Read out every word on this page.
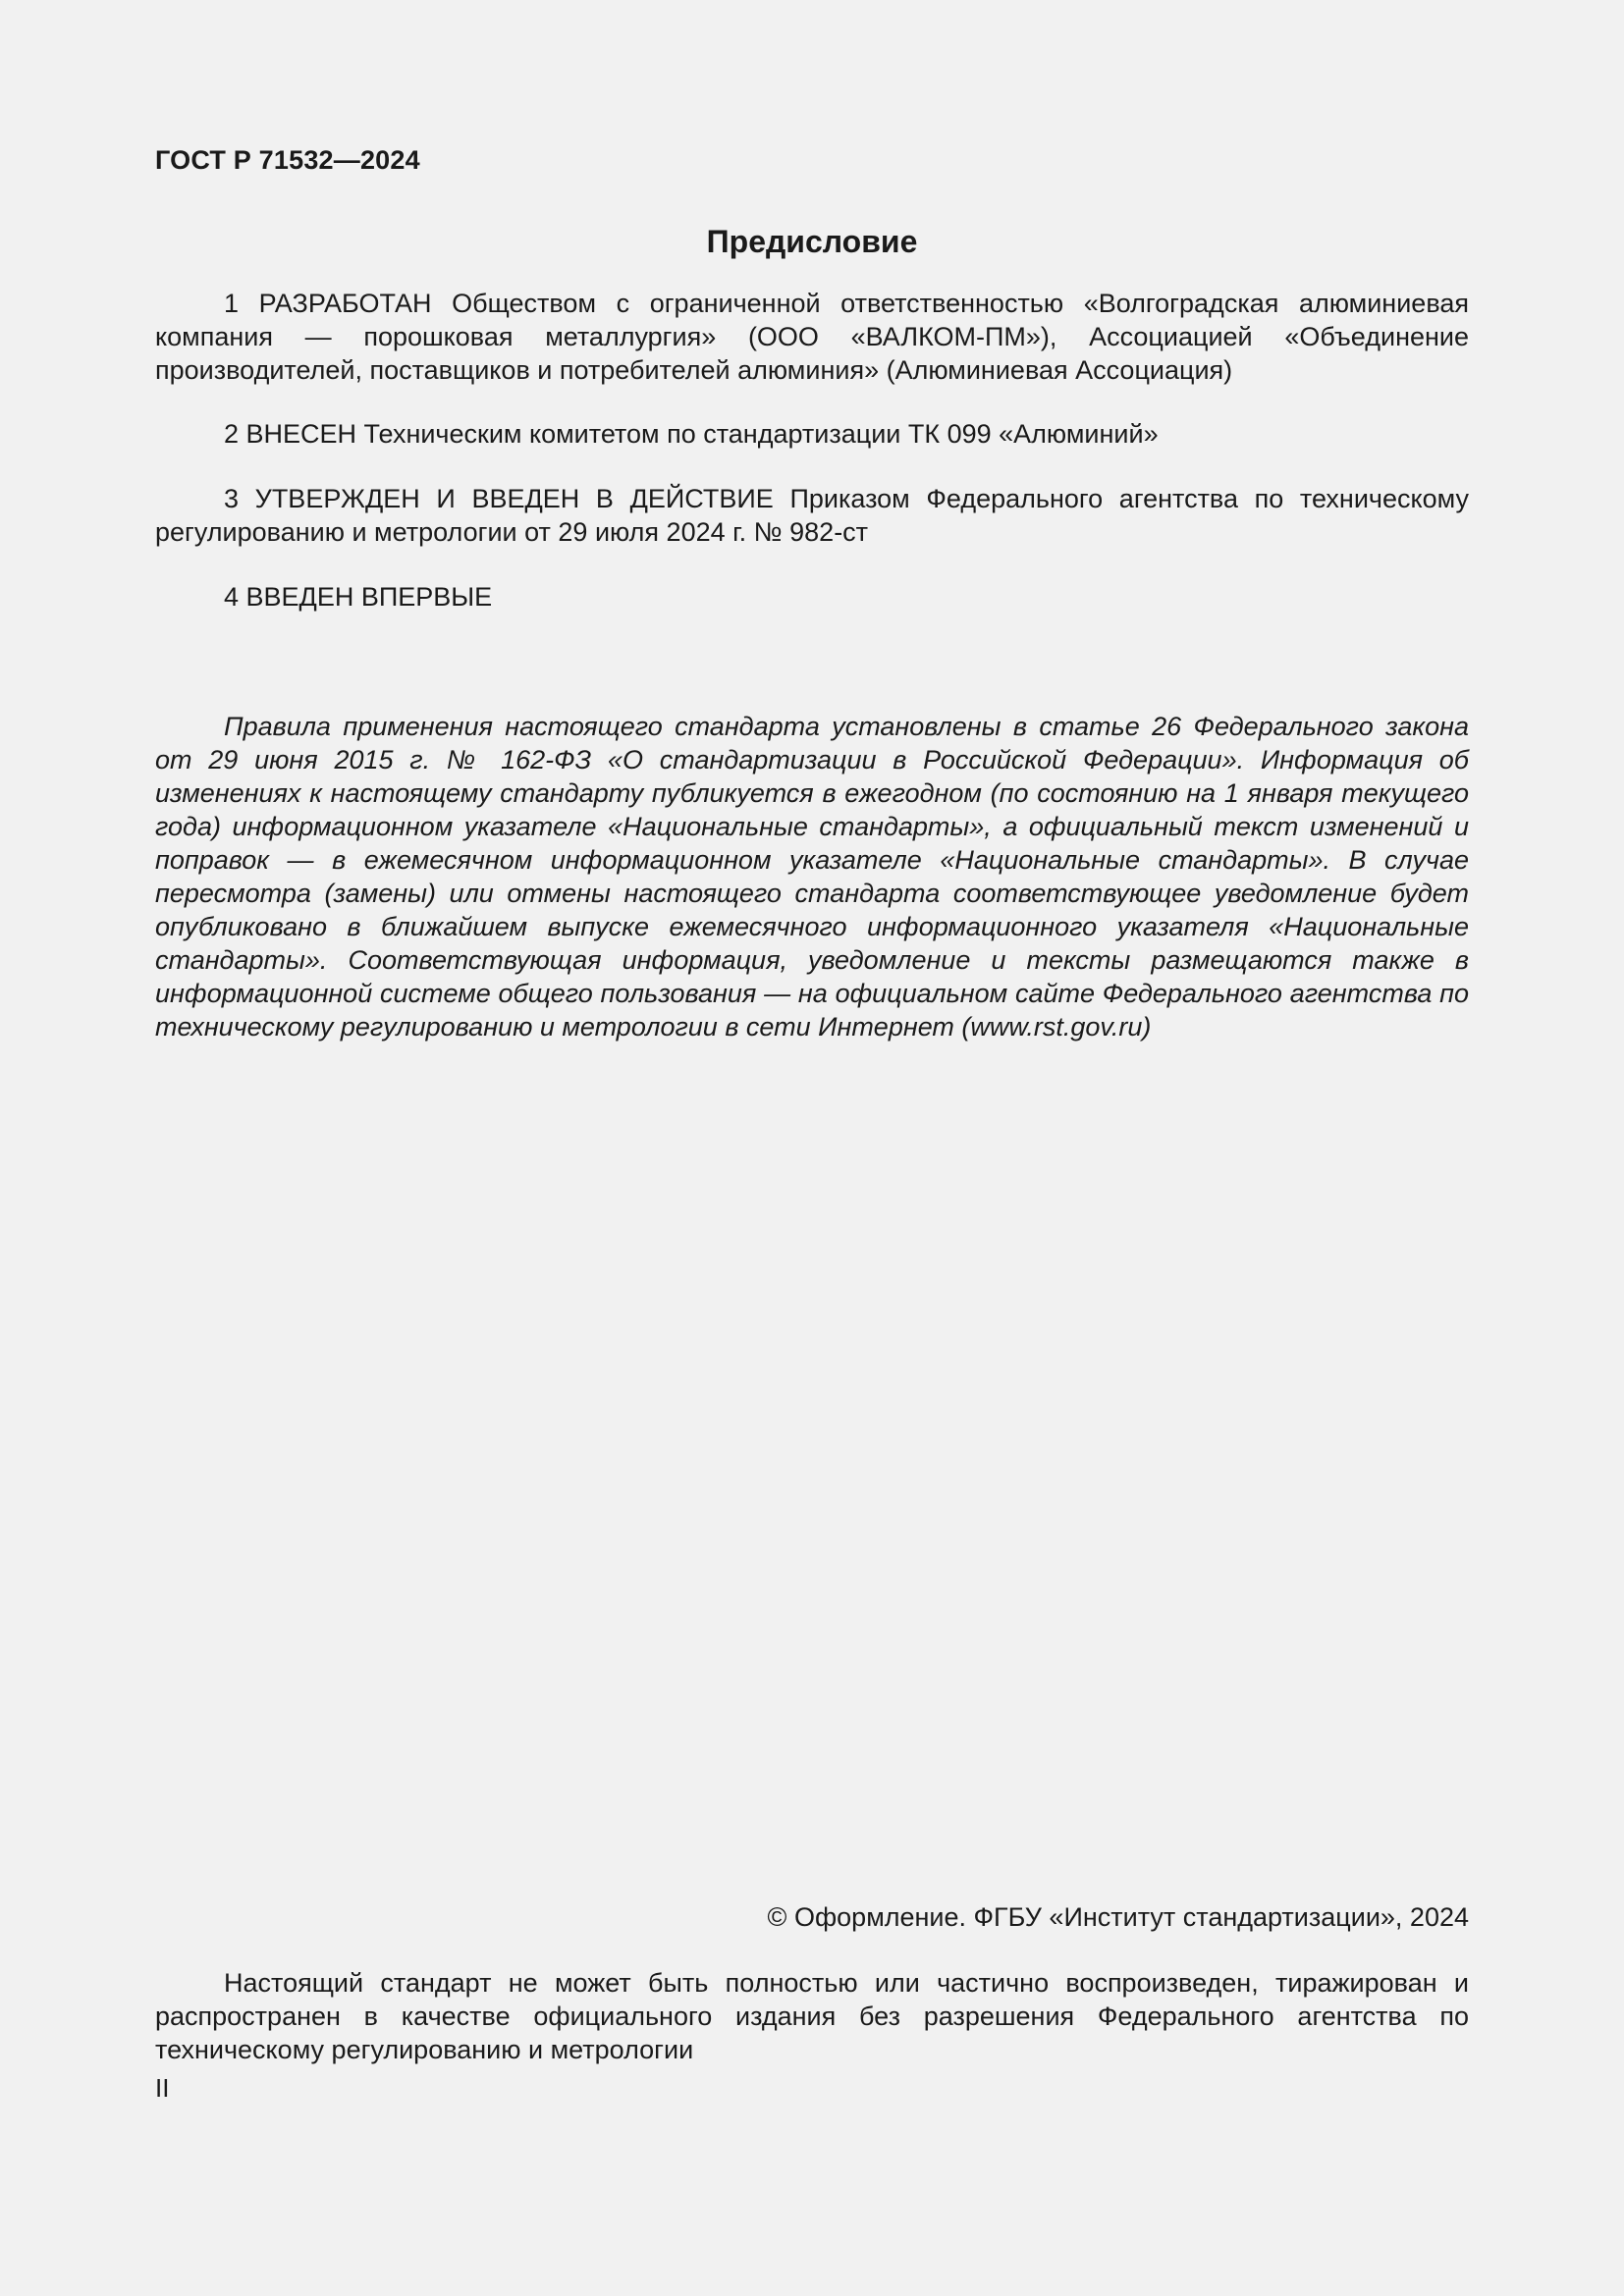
ГОСТ Р 71532—2024
Предисловие

1 РАЗРАБОТАН Обществом с ограниченной ответственностью «Волгоградская алюминиевая компания — порошковая металлургия» (ООО «ВАЛКОМ-ПМ»), Ассоциацией «Объединение производителей, поставщиков и потребителей алюминия» (Алюминиевая Ассоциация)

2 ВНЕСЕН Техническим комитетом по стандартизации ТК 099 «Алюминий»

3 УТВЕРЖДЕН И ВВЕДЕН В ДЕЙСТВИЕ Приказом Федерального агентства по техническому регулированию и метрологии от 29 июля 2024 г. № 982-ст

4 ВВЕДЕН ВПЕРВЫЕ

Правила применения настоящего стандарта установлены в статье 26 Федерального закона от 29 июня 2015 г. № 162-ФЗ «О стандартизации в Российской Федерации». Информация об изменениях к настоящему стандарту публикуется в ежегодном (по состоянию на 1 января текущего года) информационном указателе «Национальные стандарты», а официальный текст изменений и поправок — в ежемесячном информационном указателе «Национальные стандарты». В случае пересмотра (замены) или отмены настоящего стандарта соответствующее уведомление будет опубликовано в ближайшем выпуске ежемесячного информационного указателя «Национальные стандарты». Соответствующая информация, уведомление и тексты размещаются также в информационной системе общего пользования — на официальном сайте Федерального агентства по техническому регулированию и метрологии в сети Интернет (www.rst.gov.ru)

© Оформление. ФГБУ «Институт стандартизации», 2024

Настоящий стандарт не может быть полностью или частично воспроизведен, тиражирован и распространен в качестве официального издания без разрешения Федерального агентства по техническому регулированию и метрологии

II
